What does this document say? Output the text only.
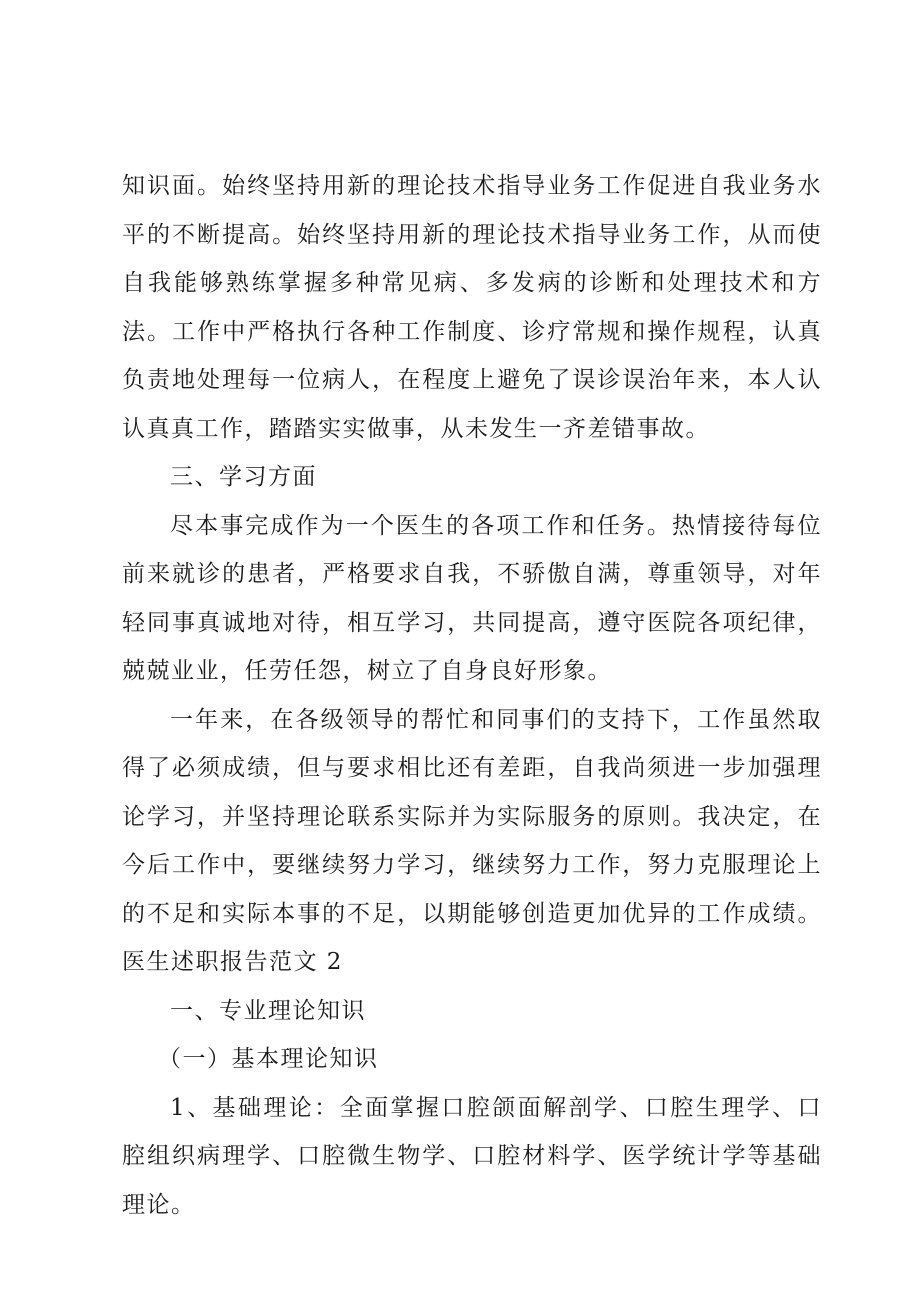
知识面。始终坚持用新的理论技术指导业务工作促进自我业务水平的不断提高。始终坚持用新的理论技术指导业务工作，从而使自我能够熟练掌握多种常见病、多发病的诊断和处理技术和方法。工作中严格执行各种工作制度、诊疗常规和操作规程，认真负责地处理每一位病人，在程度上避免了误诊误治年来，本人认认真真工作，踏踏实实做事，从未发生一齐差错事故。

三、学习方面

尽本事完成作为一个医生的各项工作和任务。热情接待每位前来就诊的患者，严格要求自我，不骄傲自满，尊重领导，对年轻同事真诚地对待，相互学习，共同提高，遵守医院各项纪律，兢兢业业，任劳任怨，树立了自身良好形象。

一年来，在各级领导的帮忙和同事们的支持下，工作虽然取得了必须成绩，但与要求相比还有差距，自我尚须进一步加强理论学习，并坚持理论联系实际并为实际服务的原则。我决定，在今后工作中，要继续努力学习，继续努力工作，努力克服理论上的不足和实际本事的不足，以期能够创造更加优异的工作成绩。医生述职报告范文 2

一、专业理论知识

（一）基本理论知识

1、基础理论：全面掌握口腔颌面解剖学、口腔生理学、口腔组织病理学、口腔微生物学、口腔材料学、医学统计学等基础理论。
